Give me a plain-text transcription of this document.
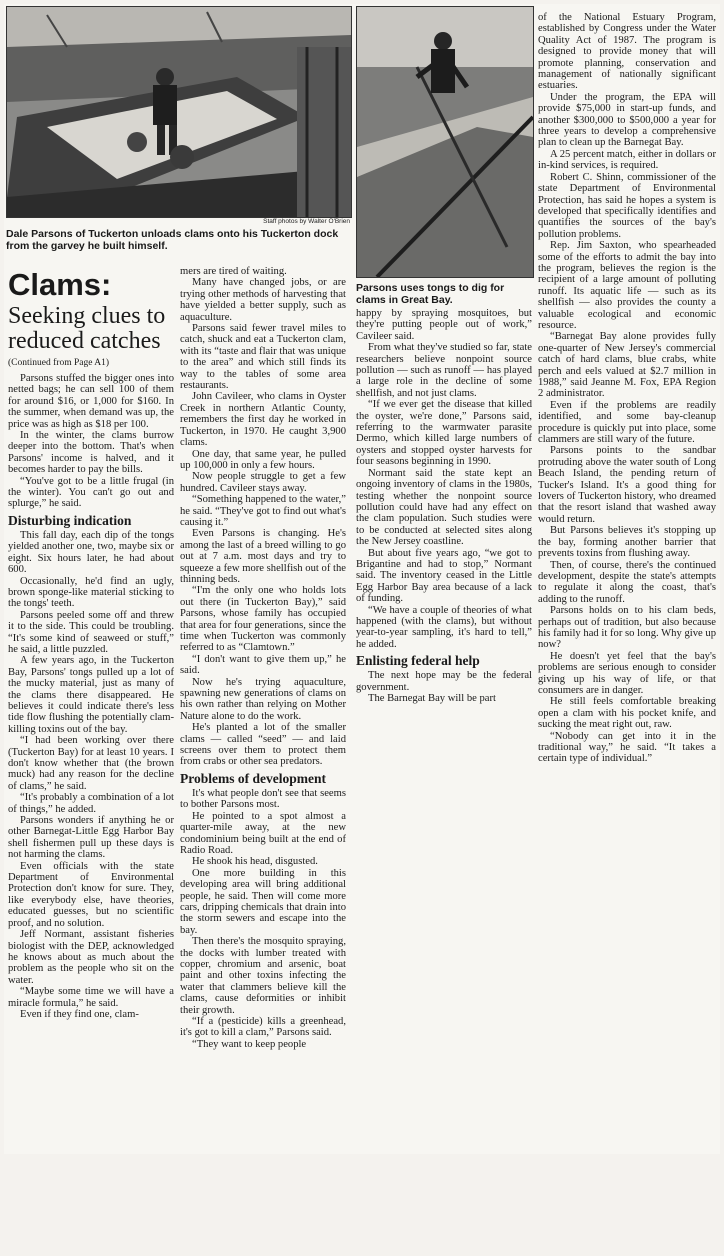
Staff photos by Walter O'Brien
Dale Parsons of Tuckerton unloads clams onto his Tuckerton dock from the garvey he built himself.
Parsons uses tongs to dig for clams in Great Bay.
Clams:
Seeking clues to reduced catches
(Continued from Page A1)

Parsons stuffed the bigger ones into netted bags; he can sell 100 of them for around $16, or 1,000 for $160. In the summer, when demand was up, the price was as high as $18 per 100.

In the winter, the clams burrow deeper into the bottom. That's when Parsons' income is halved, and it becomes harder to pay the bills.

“You've got to be a little frugal (in the winter). You can't go out and splurge,” he said.

Disturbing indication

This fall day, each dip of the tongs yielded another one, two, maybe six or eight. Six hours later, he had about 600.

Occasionally, he'd find an ugly, brown sponge-like material sticking to the tongs' teeth.

Parsons peeled some off and threw it to the side. This could be troubling. “It's some kind of seaweed or stuff,” he said, a little puzzled.

A few years ago, in the Tuckerton Bay, Parsons' tongs pulled up a lot of the mucky material, just as many of the clams there disappeared. He believes it could indicate there's less tide flow flushing the potentially clam-killing toxins out of the bay.

“I had been working over there (Tuckerton Bay) for at least 10 years. I don't know whether that (the brown muck) had any reason for the decline of clams,” he said.

“It's probably a combination of a lot of things,” he added.

Parsons wonders if anything he or other Barnegat-Little Egg Harbor Bay shell fishermen pull up these days is not harming the clams.

Even officials with the state Department of Environmental Protection don't know for sure. They, like everybody else, have theories, educated guesses, but no scientific proof, and no solution.

Jeff Normant, assistant fisheries biologist with the DEP, acknowledged he knows about as much about the problem as the people who sit on the water.

“Maybe some time we will have a miracle formula,” he said.

Even if they find one, clam-

mers are tired of waiting.

Many have changed jobs, or are trying other methods of harvesting that have yielded a better supply, such as aquaculture.

Parsons said fewer travel miles to catch, shuck and eat a Tuckerton clam, with its “taste and flair that was unique to the area” and which still finds its way to the tables of some area restaurants.

John Cavileer, who clams in Oyster Creek in northern Atlantic County, remembers the first day he worked in Tuckerton, in 1970. He caught 3,900 clams.

One day, that same year, he pulled up 100,000 in only a few hours.

Now people struggle to get a few hundred. Cavileer stays away.

“Something happened to the water,” he said. “They've got to find out what's causing it.”

Even Parsons is changing. He's among the last of a breed willing to go out at 7 a.m. most days and try to squeeze a few more shellfish out of the thinning beds.

“I'm the only one who holds lots out there (in Tuckerton Bay),” said Parsons, whose family has occupied that area for four generations, since the time when Tuckerton was commonly referred to as “Clamtown.”

“I don't want to give them up,” he said.

Now he's trying aquaculture, spawning new generations of clams on his own rather than relying on Mother Nature alone to do the work.

He's planted a lot of the smaller clams — called “seed” — and laid screens over them to protect them from crabs or other sea predators.

Problems of development

It's what people don't see that seems to bother Parsons most.

He pointed to a spot almost a quarter-mile away, at the new condominium being built at the end of Radio Road.

He shook his head, disgusted.

One more building in this developing area will bring additional people, he said. Then will come more cars, dripping chemicals that drain into the storm sewers and escape into the bay.

Then there's the mosquito spraying, the docks with lumber treated with copper, chromium and arsenic, boat paint and other toxins infecting the water that clammers believe kill the clams, cause deformities or inhibit their growth.

“If a (pesticide) kills a greenhead, it's got to kill a clam,” Parsons said.

“They want to keep people

happy by spraying mosquitoes, but they're putting people out of work,” Cavileer said.

From what they've studied so far, state researchers believe nonpoint source pollution — such as runoff — has played a large role in the decline of some shellfish, and not just clams.

“If we ever get the disease that killed the oyster, we're done,” Parsons said, referring to the warmwater parasite Dermo, which killed large numbers of oysters and stopped oyster harvests for four seasons beginning in 1990.

Normant said the state kept an ongoing inventory of clams in the 1980s, testing whether the nonpoint source pollution could have had any effect on the clam population. Such studies were to be conducted at selected sites along the New Jersey coastline.

But about five years ago, “we got to Brigantine and had to stop,” Normant said. The inventory ceased in the Little Egg Harbor Bay area because of a lack of funding.

“We have a couple of theories of what happened (with the clams), but without year-to-year sampling, it's hard to tell,” he added.

Enlisting federal help

The next hope may be the federal government.

The Barnegat Bay will be part

of the National Estuary Program, established by Congress under the Water Quality Act of 1987. The program is designed to provide money that will promote planning, conservation and management of nationally significant estuaries.

Under the program, the EPA will provide $75,000 in start-up funds, and another $300,000 to $500,000 a year for three years to develop a comprehensive plan to clean up the Barnegat Bay.

A 25 percent match, either in dollars or in-kind services, is required.

Robert C. Shinn, commissioner of the state Department of Environmental Protection, has said he hopes a system is developed that specifically identifies and quantifies the sources of the bay's pollution problems.

Rep. Jim Saxton, who spearheaded some of the efforts to admit the bay into the program, believes the region is the recipient of a large amount of polluting runoff. Its aquatic life — such as its shellfish — also provides the county a valuable ecological and economic resource.

“Barnegat Bay alone provides fully one-quarter of New Jersey's commercial catch of hard clams, blue crabs, white perch and eels valued at $2.7 million in 1988,” said Jeanne M. Fox, EPA Region 2 administrator.

Even if the problems are readily identified, and some bay-cleanup procedure is quickly put into place, some clammers are still wary of the future.

Parsons points to the sandbar protruding above the water south of Long Beach Island, the pending return of Tucker's Island. It's a good thing for lovers of Tuckerton history, who dreamed that the resort island that washed away would return.

But Parsons believes it's stopping up the bay, forming another barrier that prevents toxins from flushing away.

Then, of course, there's the continued development, despite the state's attempts to regulate it along the coast, that's adding to the runoff.

Parsons holds on to his clam beds, perhaps out of tradition, but also because his family had it for so long. Why give up now?

He doesn't yet feel that the bay's problems are serious enough to consider giving up his way of life, or that consumers are in danger.

He still feels comfortable breaking open a clam with his pocket knife, and sucking the meat right out, raw.

“Nobody can get into it in the traditional way,” he said. “It takes a certain type of individual.”
